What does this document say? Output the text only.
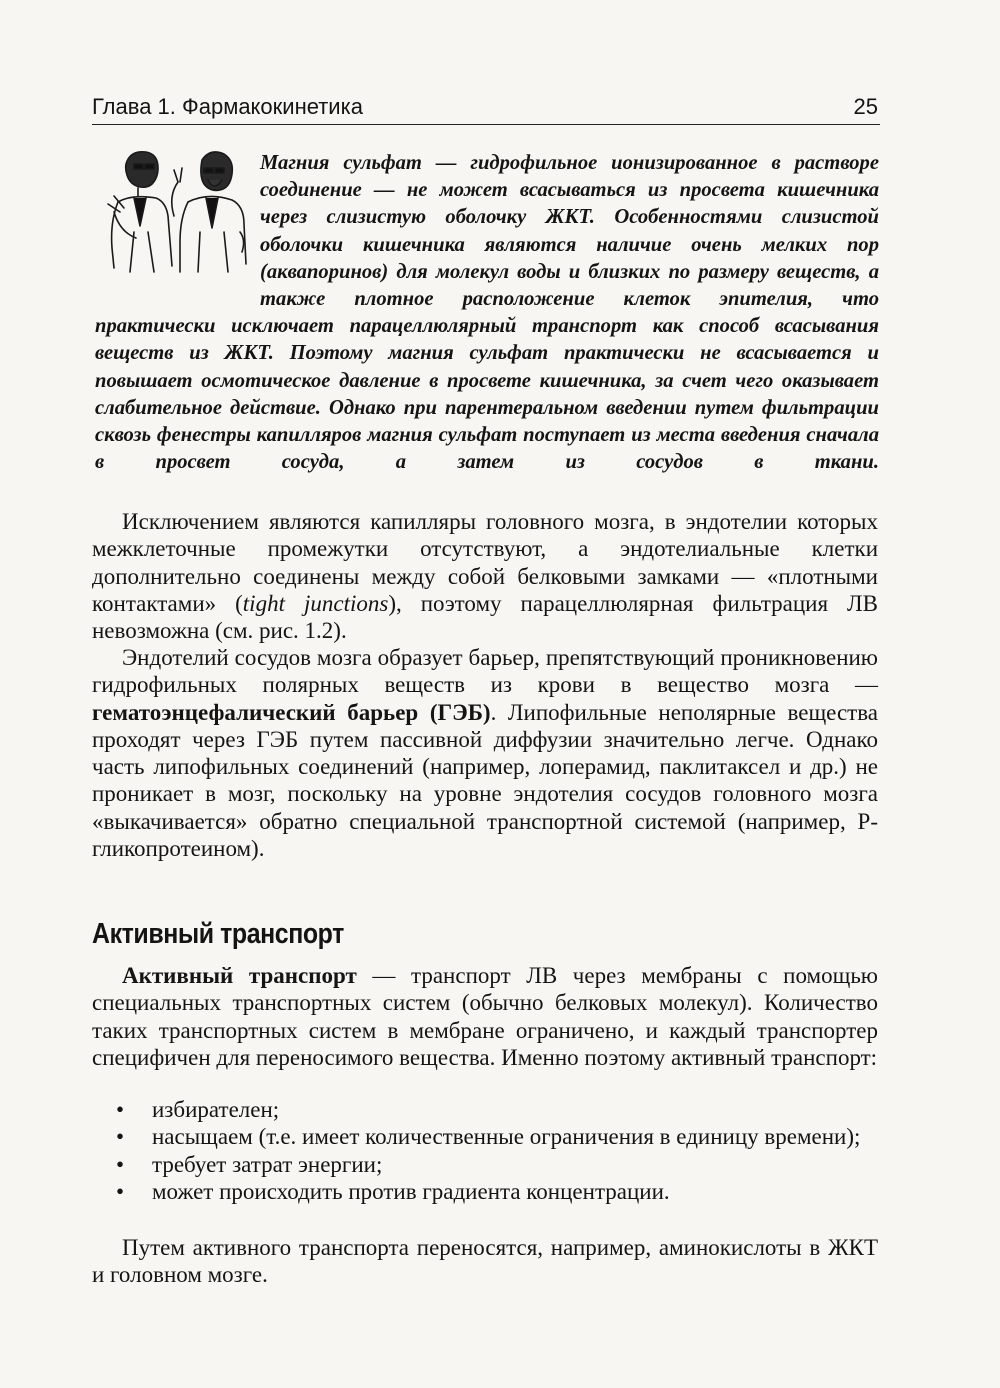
Глава 1. Фармакокинетика	25

Магния сульфат — гидрофильное ионизированное в растворе соединение — не может всасываться из просвета кишечника через слизистую оболочку ЖКТ. Особенностями слизистой оболочки кишечника являются наличие очень мелких пор (аквапоринов) для молекул воды и близких по размеру веществ, а также плотное расположение клеток эпителия, что практически исключает парацеллюлярный транспорт как способ всасывания веществ из ЖКТ. Поэтому магния сульфат практически не всасывается и повышает осмотическое давление в просвете кишечника, за счет чего оказывает слабительное действие. Однако при парентеральном введении путем фильтрации сквозь фенестры капилляров магния сульфат поступает из места введения сначала в просвет сосуда, а затем из сосудов в ткани.

Исключением являются капилляры головного мозга, в эндотелии которых межклеточные промежутки отсутствуют, а эндотелиальные клетки дополнительно соединены между собой белковыми замками — «плотными контактами» (tight junctions), поэтому парацеллюлярная фильтрация ЛВ невозможна (см. рис. 1.2).

Эндотелий сосудов мозга образует барьер, препятствующий проникновению гидрофильных полярных веществ из крови в вещество мозга — гематоэнцефалический барьер (ГЭБ). Липофильные неполярные вещества проходят через ГЭБ путем пассивной диффузии значительно легче. Однако часть липофильных соединений (например, лоперамид, паклитаксел и др.) не проникает в мозг, поскольку на уровне эндотелия сосудов головного мозга «выкачивается» обратно специальной транспортной системой (например, Р-гликопротеином).

Активный транспорт

Активный транспорт — транспорт ЛВ через мембраны с помощью специальных транспортных систем (обычно белковых молекул). Количество таких транспортных систем в мембране ограничено, и каждый транспортер специфичен для переносимого вещества. Именно поэтому активный транспорт:

• избирателен;
• насыщаем (т.е. имеет количественные ограничения в единицу времени);
• требует затрат энергии;
• может происходить против градиента концентрации.

Путем активного транспорта переносятся, например, аминокислоты в ЖКТ и головном мозге.
